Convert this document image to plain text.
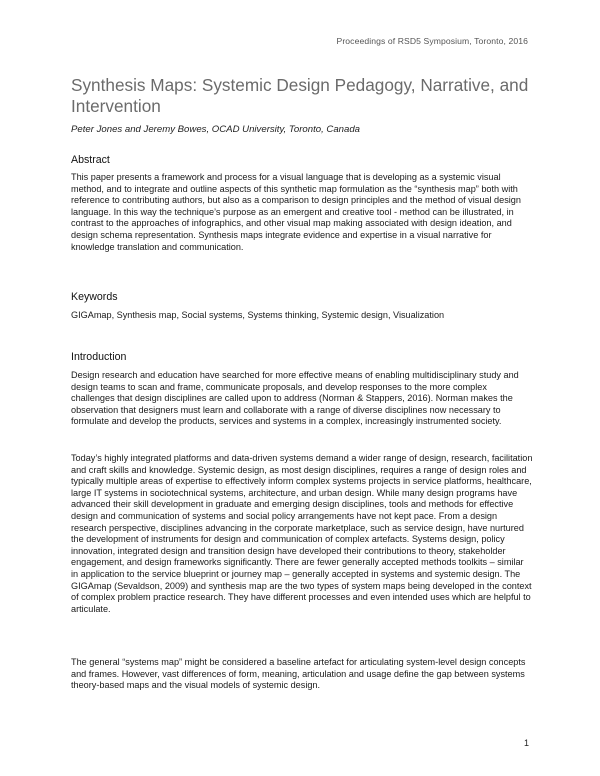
Proceedings of RSD5 Symposium, Toronto, 2016
Synthesis Maps: Systemic Design Pedagogy, Narrative, and Intervention
Peter Jones and Jeremy Bowes, OCAD University, Toronto, Canada
Abstract

This paper presents a framework and process for a visual language that is developing as a systemic visual method, and to integrate and outline aspects of this synthetic map formulation as the “synthesis map” both with reference to contributing authors, but also as a comparison to design principles and the method of visual design language. In this way the technique’s purpose as an emergent and creative tool - method can be illustrated, in contrast to the approaches of infographics, and other visual map making associated with design ideation, and design schema representation. Synthesis maps integrate evidence and expertise in a visual narrative for knowledge translation and communication.

Keywords

GIGAmap, Synthesis map, Social systems, Systems thinking, Systemic design, Visualization

Introduction

Design research and education have searched for more effective means of enabling multidisciplinary study and design teams to scan and frame, communicate proposals, and develop responses to the more complex challenges that design disciplines are called upon to address (Norman & Stappers, 2016). Norman makes the observation that designers must learn and collaborate with a range of diverse disciplines now necessary to formulate and develop the products, services and systems in a complex, increasingly instrumented society.

Today’s highly integrated platforms and data-driven systems demand a wider range of design, research, facilitation and craft skills and knowledge. Systemic design, as most design disciplines, requires a range of design roles and typically multiple areas of expertise to effectively inform complex systems projects in service platforms, healthcare, large IT systems in sociotechnical systems, architecture, and urban design. While many design programs have advanced their skill development in graduate and emerging design disciplines, tools and methods for effective design and communication of systems and social policy arrangements have not kept pace. From a design research perspective, disciplines advancing in the corporate marketplace, such as service design, have nurtured the development of instruments for design and communication of complex artefacts. Systems design, policy innovation, integrated design and transition design have developed their contributions to theory, stakeholder engagement, and design frameworks significantly. There are fewer generally accepted methods toolkits – similar in application to the service blueprint or journey map – generally accepted in systems and systemic design. The GIGAmap (Sevaldson, 2009) and synthesis map are the two types of system maps being developed in the context of complex problem practice research. They have different processes and even intended uses which are helpful to articulate.

The general “systems map” might be considered a baseline artefact for articulating system-level design concepts and frames. However, vast differences of form, meaning, articulation and usage define the gap between systems theory-based maps and the visual models of systemic design.

1
